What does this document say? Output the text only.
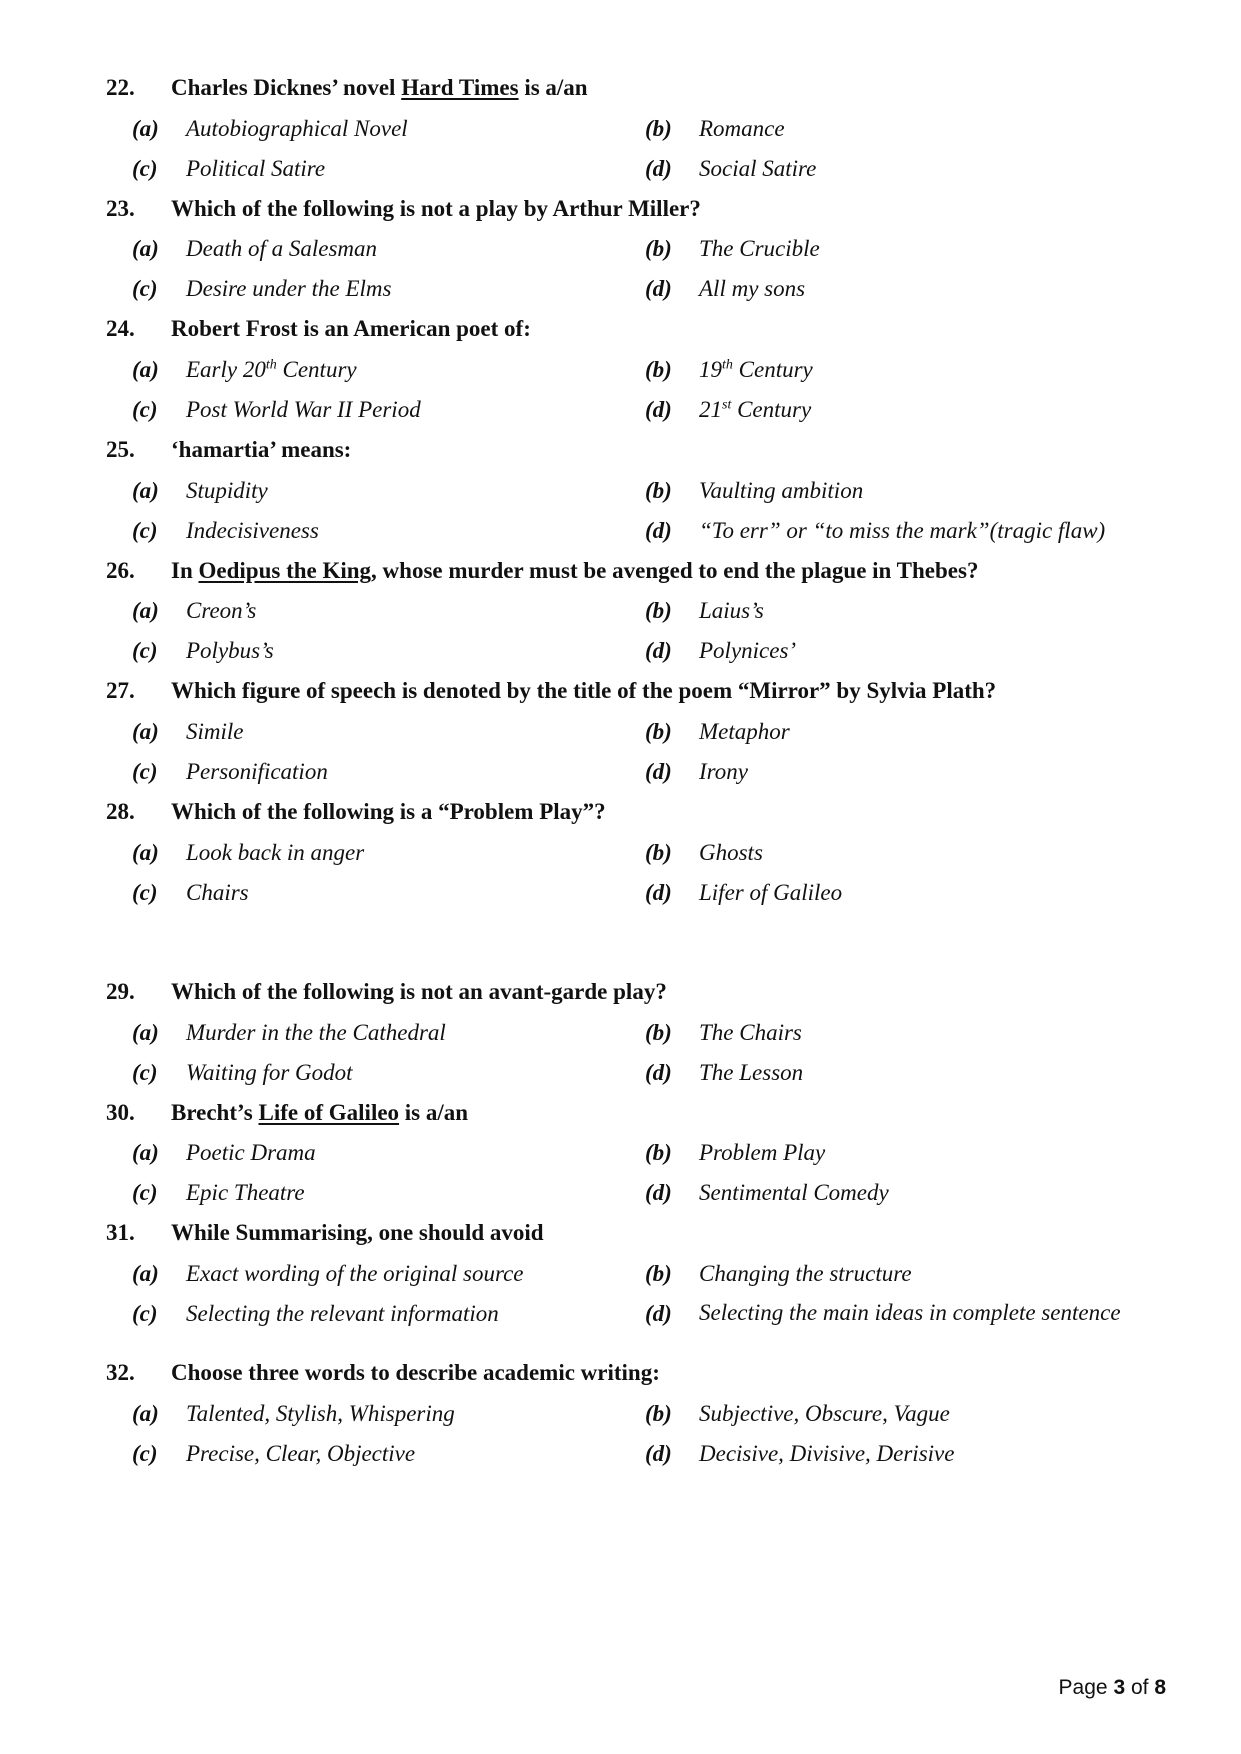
22. Charles Dicknes’ novel Hard Times is a/an
(a) Autobiographical Novel	(b) Romance
(c) Political Satire	(d) Social Satire
23. Which of the following is not a play by Arthur Miller?
(a) Death of a Salesman	(b) The Crucible
(c) Desire under the Elms	(d) All my sons
24. Robert Frost is an American poet of:
(a) Early 20th Century	(b) 19th Century
(c) Post World War II Period	(d) 21st Century
25. ‘hamartia’ means:
(a) Stupidity	(b) Vaulting ambition
(c) Indecisiveness	(d) “To err” or “to miss the mark”(tragic flaw)
26. In Oedipus the King, whose murder must be avenged to end the plague in Thebes?
(a) Creon’s	(b) Laius’s
(c) Polybus’s	(d) Polynices’
27. Which figure of speech is denoted by the title of the poem “Mirror” by Sylvia Plath?
(a) Simile	(b) Metaphor
(c) Personification	(d) Irony
28. Which of the following is a “Problem Play”?
(a) Look back in anger	(b) Ghosts
(c) Chairs	(d) Lifer of Galileo
29. Which of the following is not an avant-garde play?
(a) Murder in the the Cathedral	(b) The Chairs
(c) Waiting for Godot	(d) The Lesson
30. Brecht’s Life of Galileo is a/an
(a) Poetic Drama	(b) Problem Play
(c) Epic Theatre	(d) Sentimental Comedy
31. While Summarising, one should avoid
(a) Exact wording of the original source	(b) Changing the structure
(c) Selecting the relevant information	(d) Selecting the main ideas in complete sentence
32. Choose three words to describe academic writing:
(a) Talented, Stylish, Whispering	(b) Subjective, Obscure, Vague
(c) Precise, Clear, Objective	(d) Decisive, Divisive, Derisive
Page 3 of 8
